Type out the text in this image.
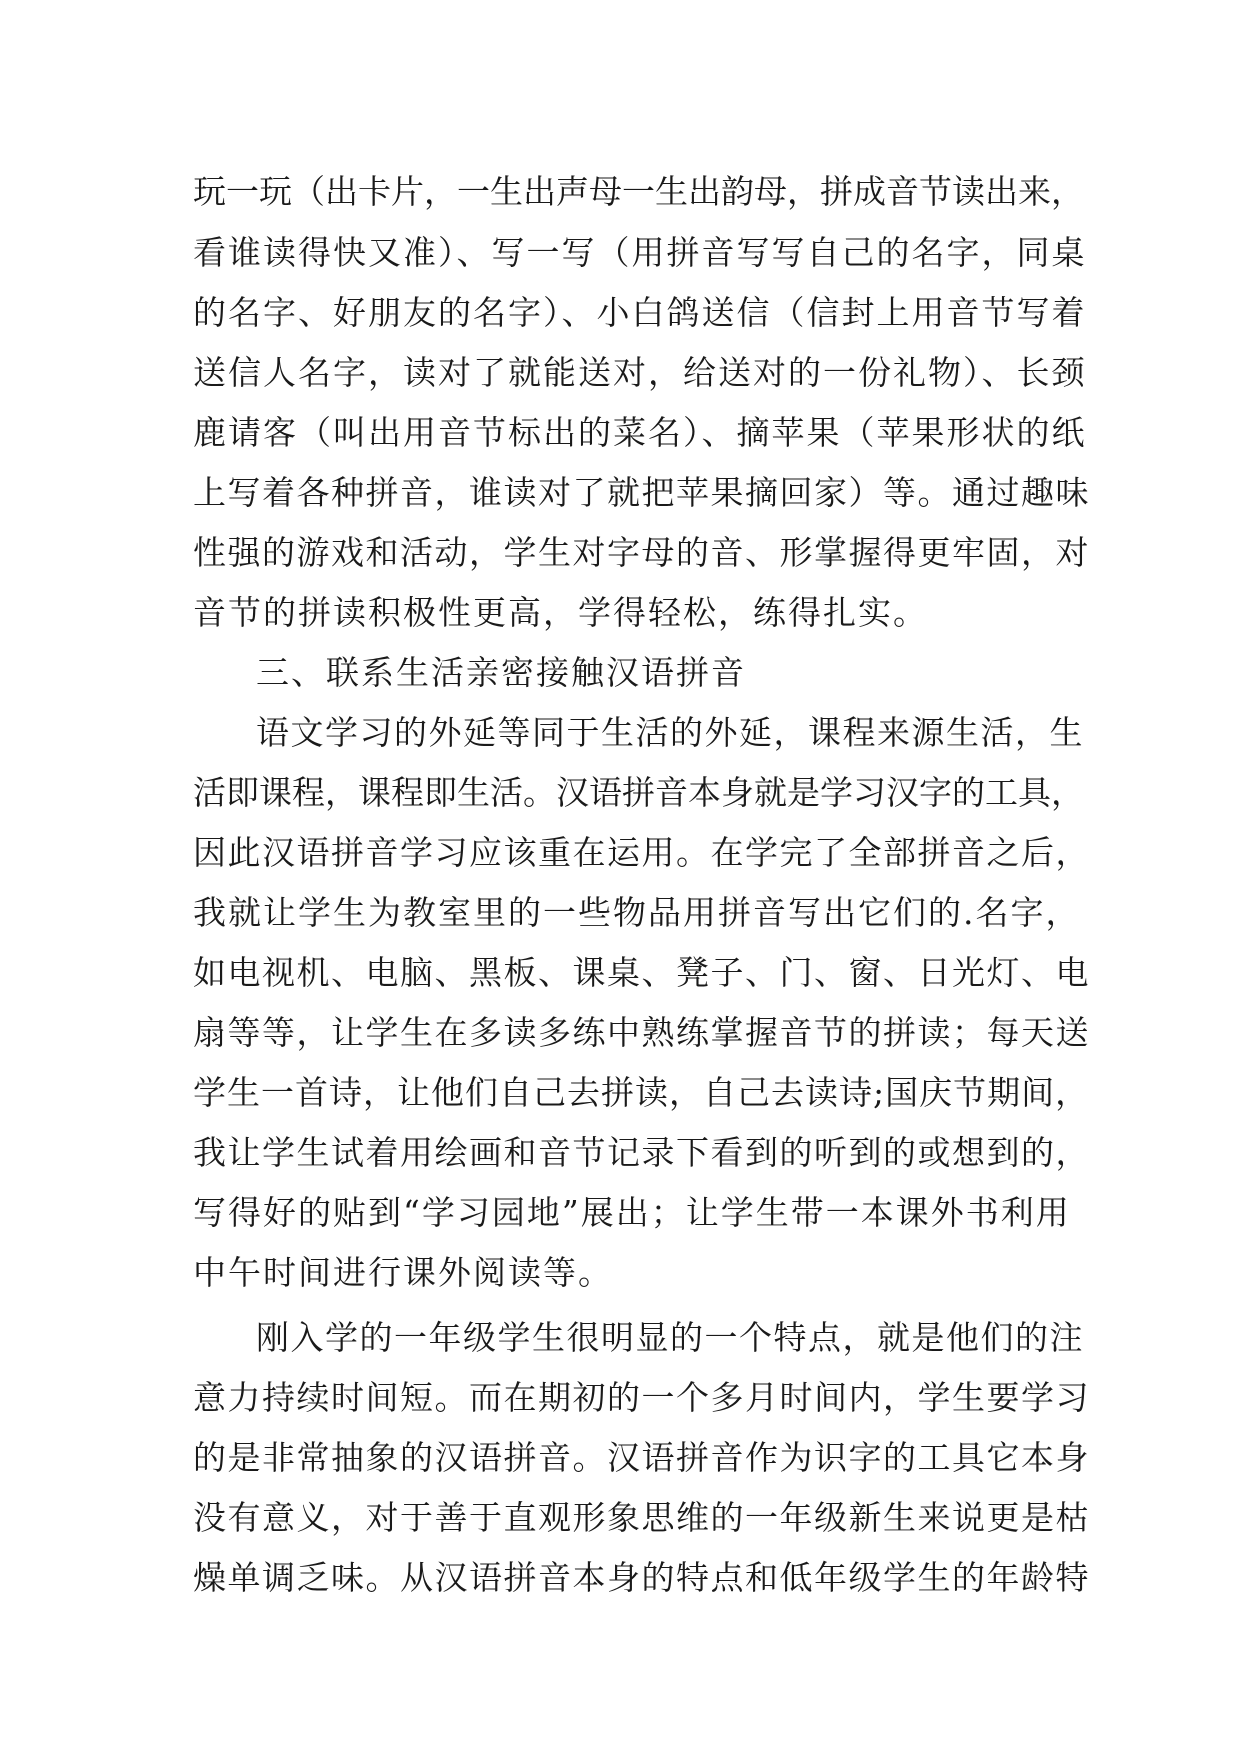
玩一玩（出卡片，一生出声母一生出韵母，拼成音节读出来，
看谁读得快又准）、写一写（用拼音写写自己的名字，同桌
的名字、好朋友的名字）、小白鸽送信（信封上用音节写着
送信人名字，读对了就能送对，给送对的一份礼物）、长颈
鹿请客（叫出用音节标出的菜名）、摘苹果（苹果形状的纸
上写着各种拼音，谁读对了就把苹果摘回家）等。通过趣味
性强的游戏和活动，学生对字母的音、形掌握得更牢固，对
音节的拼读积极性更高，学得轻松，练得扎实。
三、联系生活亲密接触汉语拼音
语文学习的外延等同于生活的外延，课程来源生活，生
活即课程，课程即生活。汉语拼音本身就是学习汉字的工具，
因此汉语拼音学习应该重在运用。在学完了全部拼音之后，
我就让学生为教室里的一些物品用拼音写出它们的.名字，
如电视机、电脑、黑板、课桌、凳子、门、窗、日光灯、电
扇等等，让学生在多读多练中熟练掌握音节的拼读；每天送
学生一首诗，让他们自己去拼读，自己去读诗;国庆节期间，
我让学生试着用绘画和音节记录下看到的听到的或想到的，
写得好的贴到“学习园地”展出；让学生带一本课外书利用
中午时间进行课外阅读等。
刚入学的一年级学生很明显的一个特点，就是他们的注
意力持续时间短。而在期初的一个多月时间内，学生要学习
的是非常抽象的汉语拼音。汉语拼音作为识字的工具它本身
没有意义，对于善于直观形象思维的一年级新生来说更是枯
燥单调乏味。从汉语拼音本身的特点和低年级学生的年龄特
